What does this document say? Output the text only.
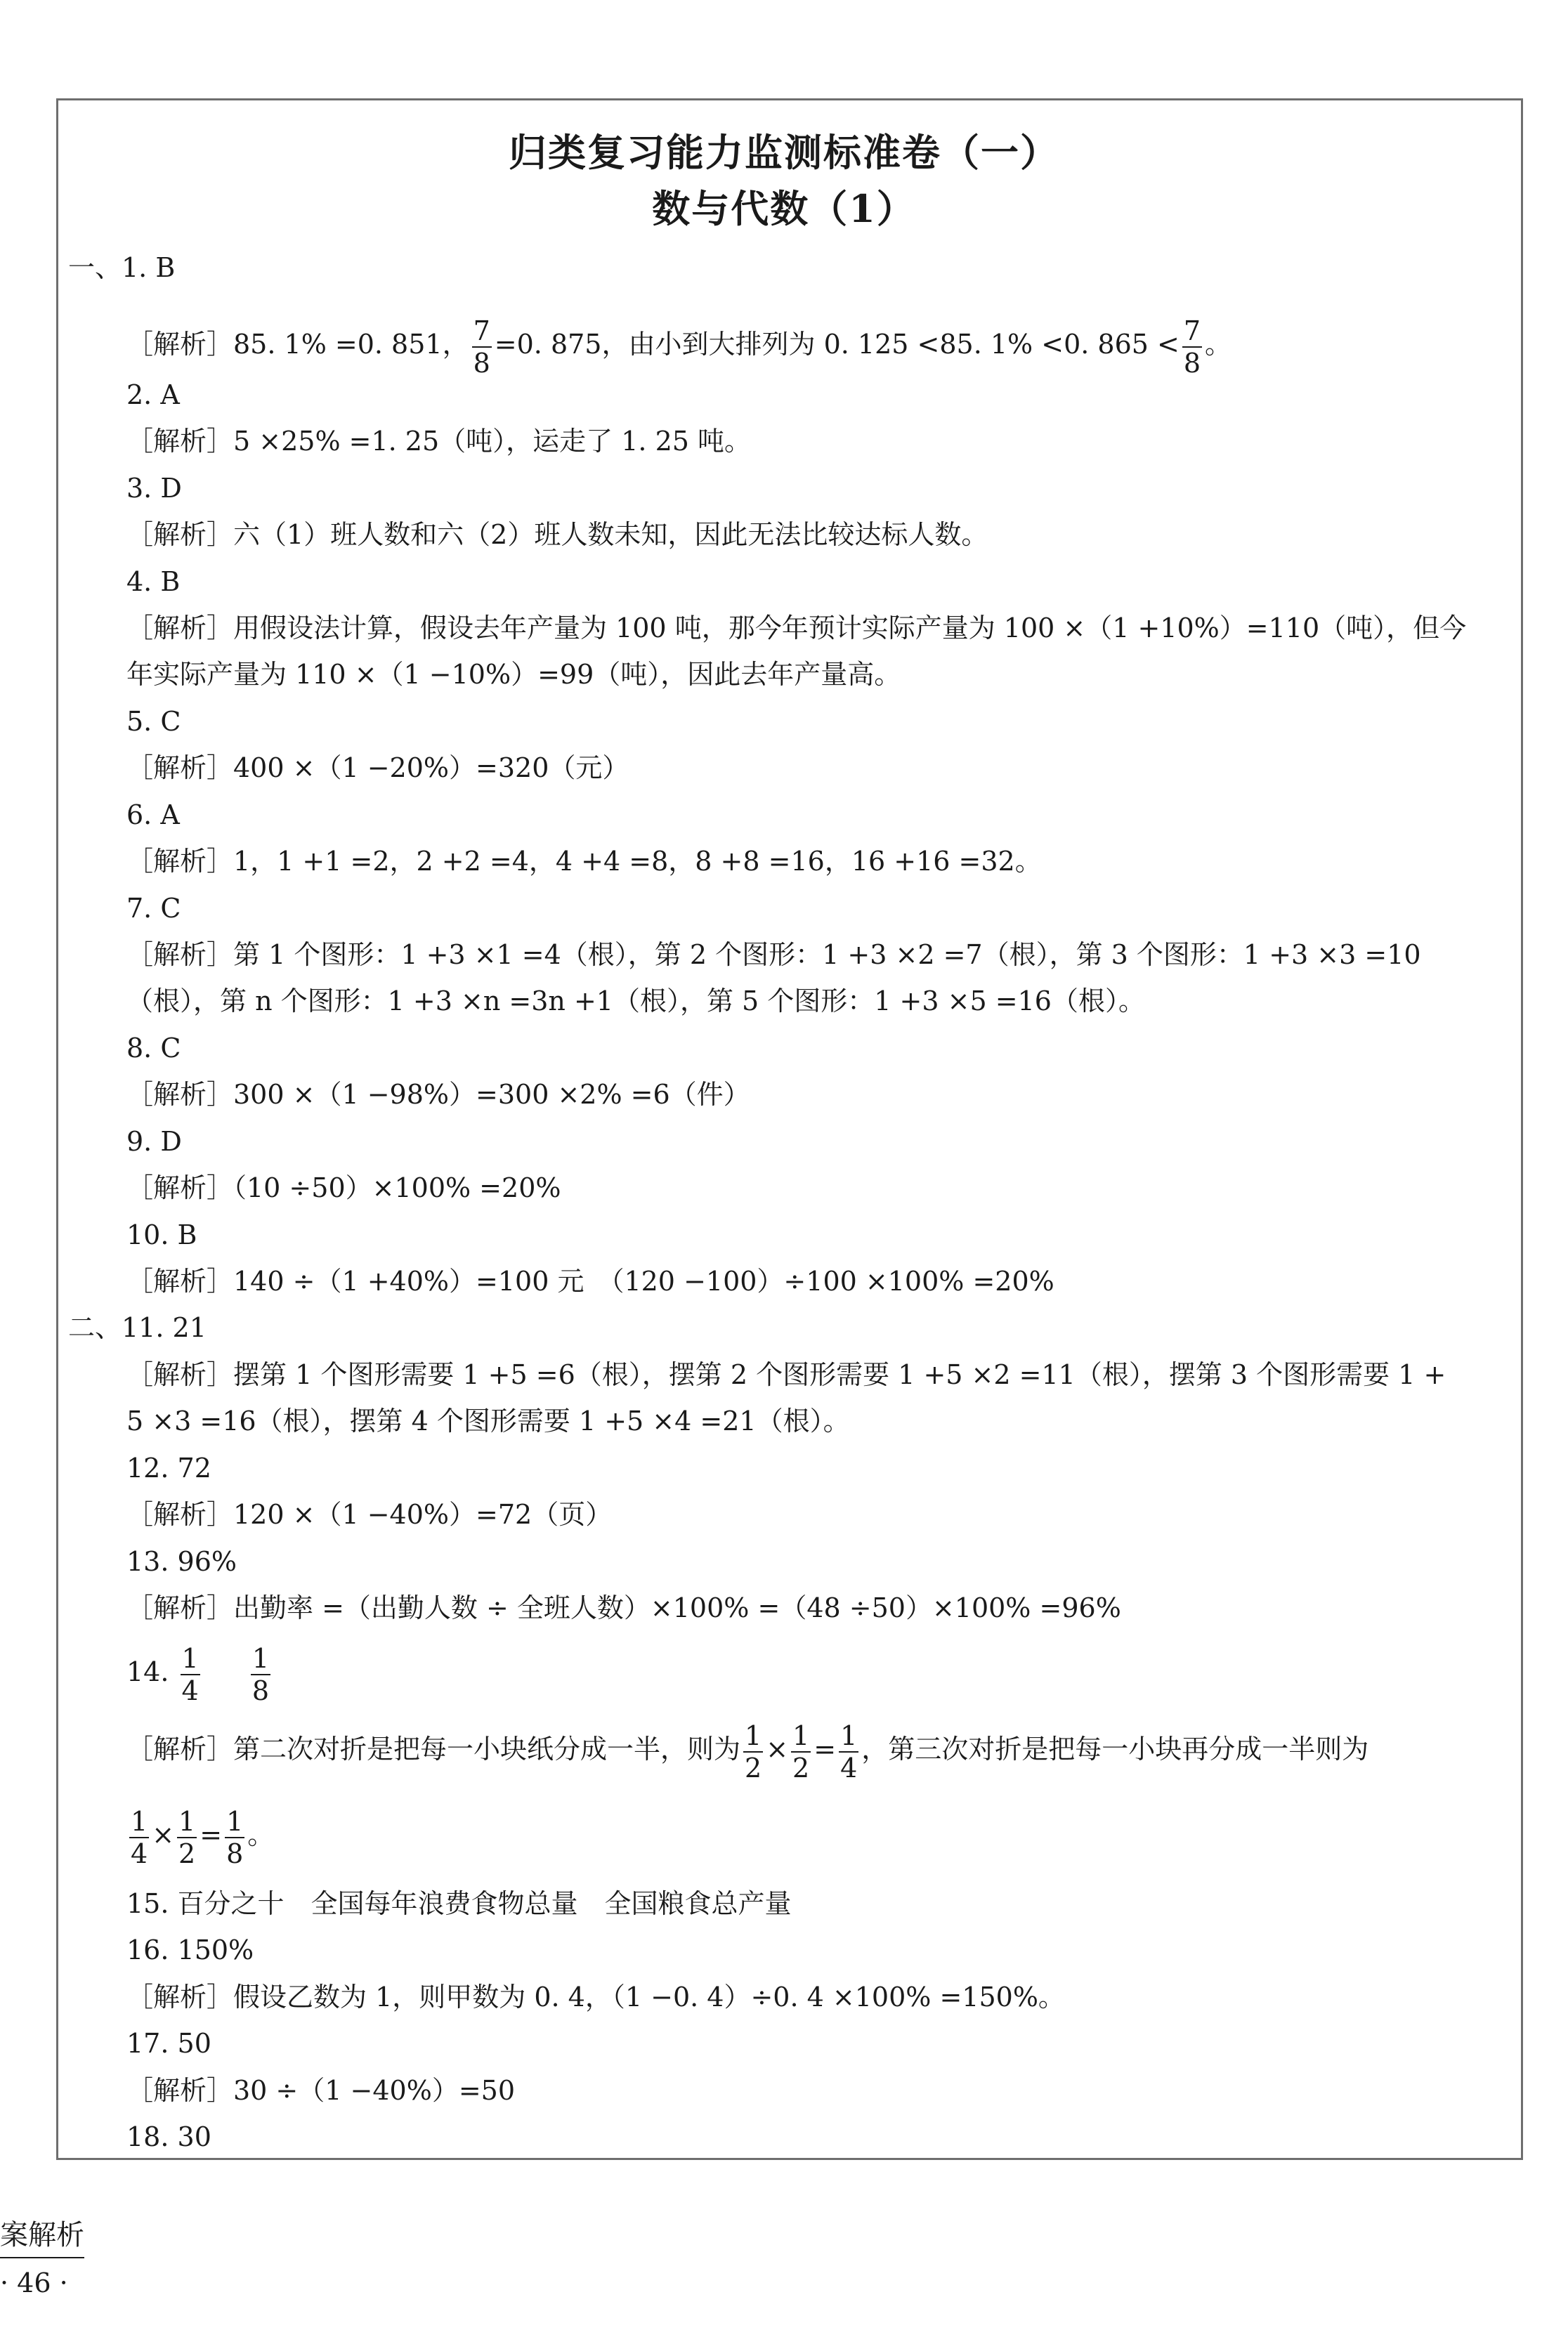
归类复习能力监测标准卷（一）
数与代数（1）
一、1. B
［解析］85. 1% =0. 851， $\frac{7}{8} =0$. 875，由小到大排列为 0. 125 <85. 1% <0. $865 < \frac{7}{8}$ 。
2. A
［解析］5 ×25% =1. 25（吨），运走了 1. 25 吨。
3. D
［解析］六（1）班人数和六（2）班人数未知，因此无法比较达标人数。
4. B
［解析］用假设法计算，假设去年产量为 100 吨，那今年预计实际产量为 100 ×（1 +10%）=110（吨），但今
年实际产量为 110 ×（1 −10%）=99（吨），因此去年产量高。
5. C
［解析］400 ×（1 −20%）=320（元）
6. A
［解析］1，1 +1 =2，2 +2 =4，4 +4 =8，8 +8 =16，16 +16 =32。
7. C
［解析］第 1 个图形：1 +3 ×1 =4（根），第 2 个图形：1 +3 ×2 =7（根），第 3 个图形：1 +3 ×3 =10
（根），第 n 个图形：1 +3 ×n =3n +1（根），第 5 个图形：1 +3 ×5 =16（根）。
8. C
［解析］300 ×（1 −98%）=300 ×2% =6（件）
9. D
［解析］（10 ÷50）×100% =20%
10. B
［解析］140 ÷（1 +40%）=100 元　（120 −100）÷100 ×100% =20%
二、11. 21
［解析］摆第 1 个图形需要 1 +5 =6（根），摆第 2 个图形需要 1 +5 ×2 =11（根），摆第 3 个图形需要 1 +
5 ×3 =16（根），摆第 4 个图形需要 1 +5 ×4 =21（根）。
12. 72
［解析］120 ×（1 −40%）=72（页）
13. 96%
［解析］出勤率 =（出勤人数 ÷ 全班人数）×100% =（48 ÷50）×100% =96%
14. $\frac{1}{4}$
$\frac{1}{8}$
［解析］第二次对折是把每一小块纸分成一半，则为 $\frac{1}{2} \times \frac{1}{2} = \frac{1}{4}$ ，第三次对折是把每一小块再分成一半则为
$\frac{1}{4} \times \frac{1}{2} = \frac{1}{8}$ 。
15. 百分之十　全国每年浪费食物总量　全国粮食总产量
16. 150%
［解析］假设乙数为 1，则甲数为 0. 4，（1 −0. 4）÷0. 4 ×100% =150%。
17. 50
［解析］30 ÷（1 −40%）=50
18. 30
案解析
· 46 ·
